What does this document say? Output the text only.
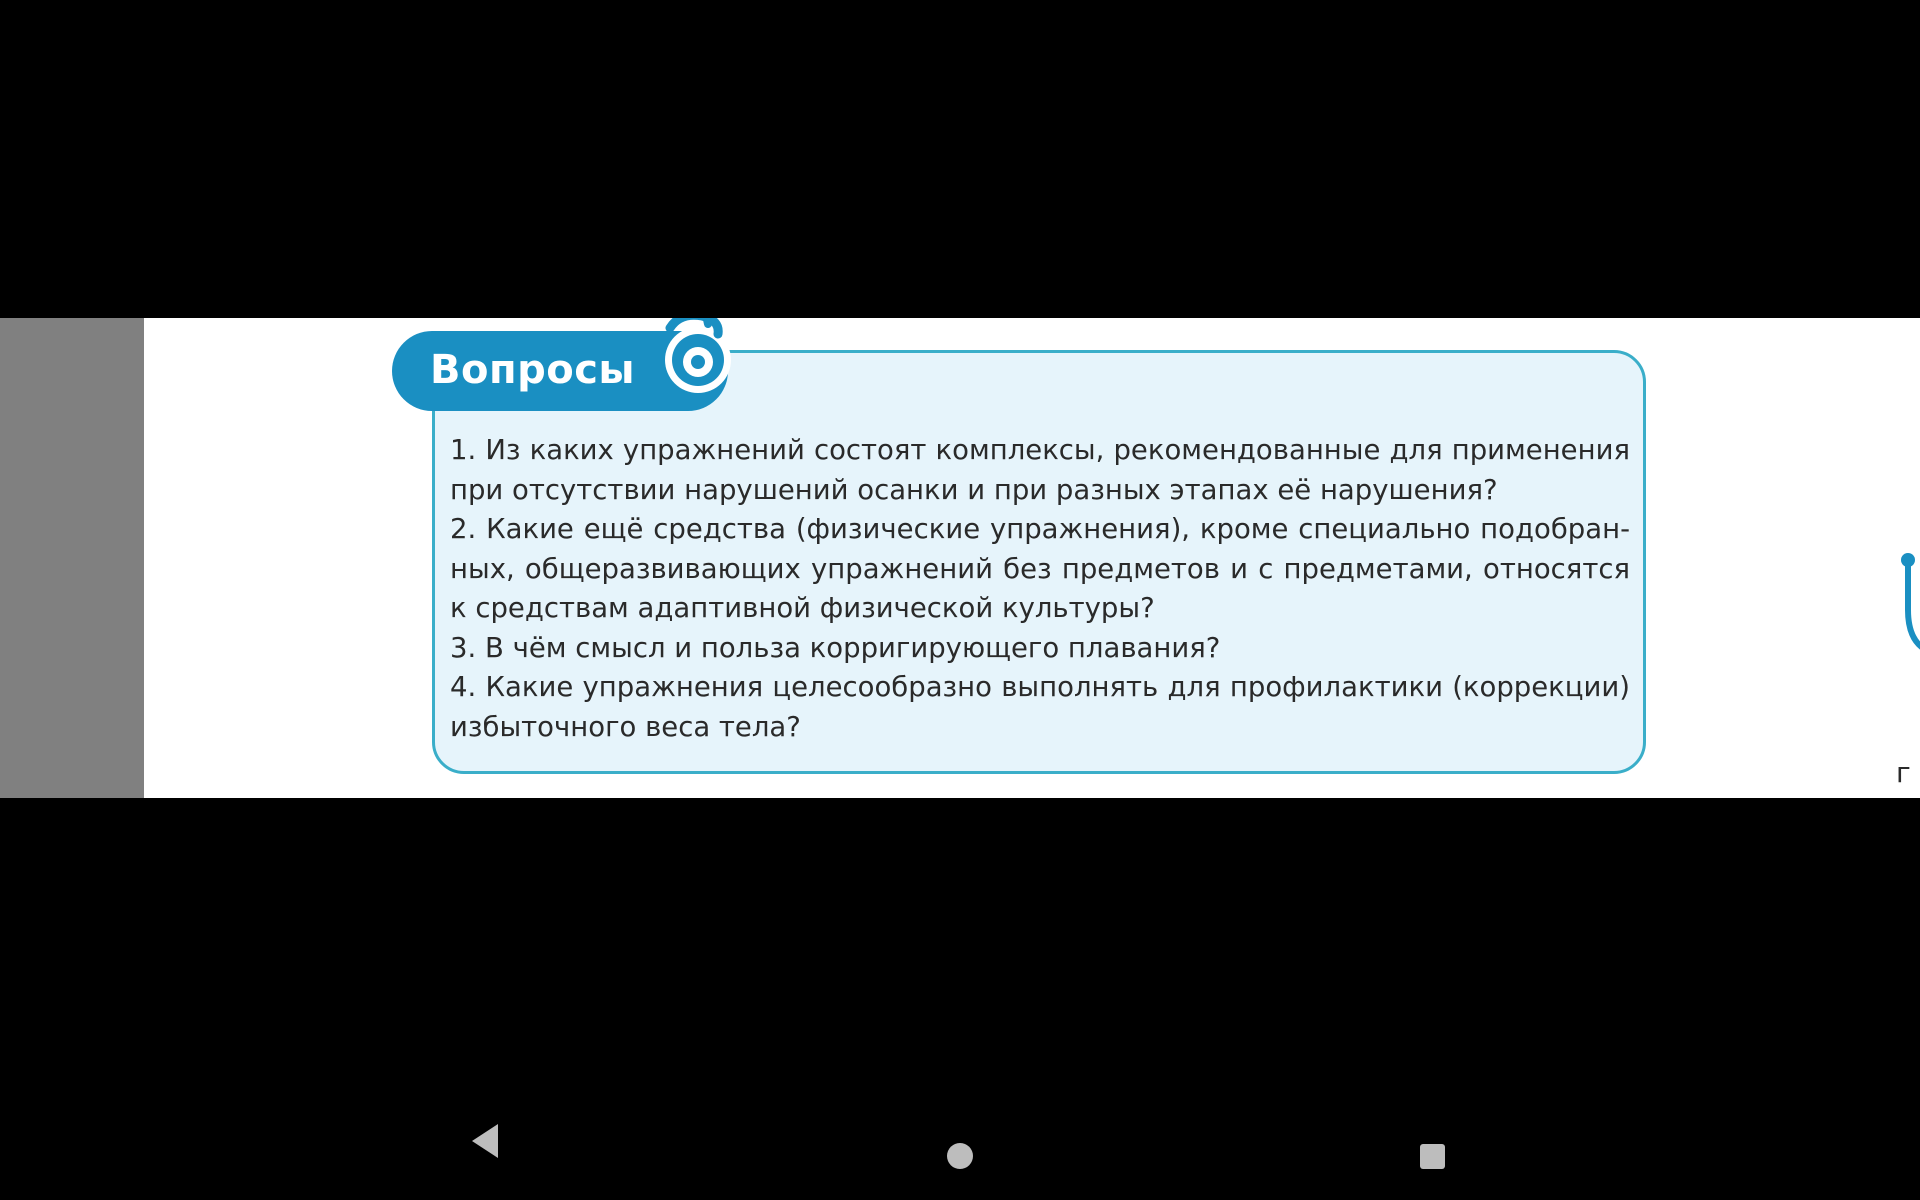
Вопросы

1. Из каких упражнений состоят комплексы, рекомендованные для применения при отсутствии нарушений осанки и при разных этапах её нарушения?

2. Какие ещё средства (физические упражнения), кроме специально подобран-ных, общеразвивающих упражнений без предметов и с предметами, относятся к средствам адаптивной физической культуры?

3. В чём смысл и польза корригирующего плавания?

4. Какие упражнения целесообразно выполнять для профилактики (коррекции) избыточного веса тела?

г
